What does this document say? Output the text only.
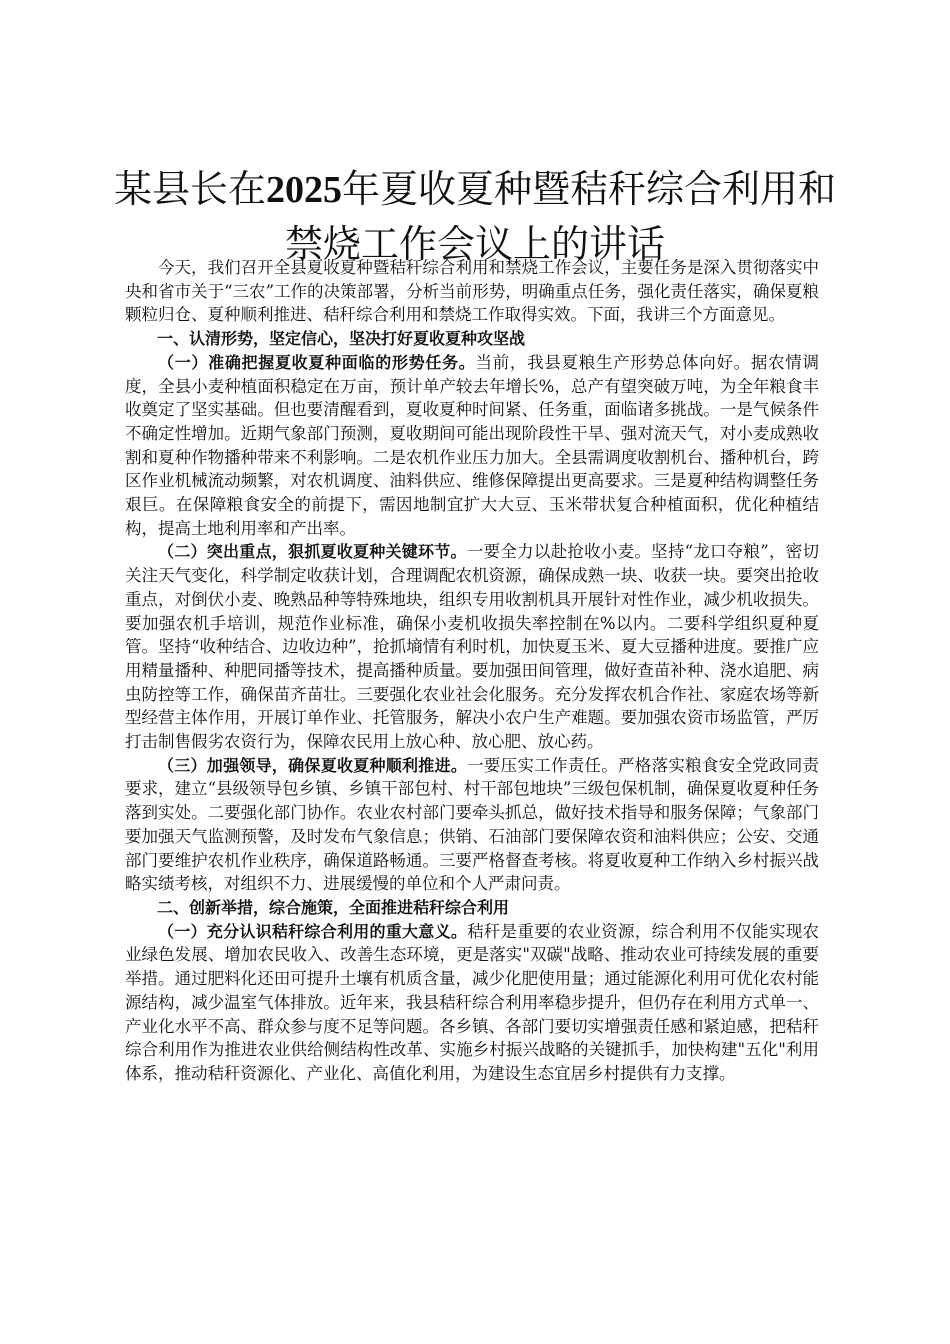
某县长在2025年夏收夏种暨秸秆综合利用和禁烧工作会议上的讲话

今天，我们召开全县夏收夏种暨秸秆综合利用和禁烧工作会议，主要任务是深入贯彻落实中央和省市关于“三农”工作的决策部署，分析当前形势，明确重点任务，强化责任落实，确保夏粮颗粒归仓、夏种顺利推进、秸秆综合利用和禁烧工作取得实效。下面，我讲三个方面意见。

一、认清形势，坚定信心，坚决打好夏收夏种攻坚战

（一）准确把握夏收夏种面临的形势任务。当前，我县夏粮生产形势总体向好。据农情调度，全县小麦种植面积稳定在万亩，预计单产较去年增长%，总产有望突破万吨，为全年粮食丰收奠定了坚实基础。但也要清醒看到，夏收夏种时间紧、任务重，面临诸多挑战。一是气候条件不确定性增加。近期气象部门预测，夏收期间可能出现阶段性干旱、强对流天气，对小麦成熟收割和夏种作物播种带来不利影响。二是农机作业压力加大。全县需调度收割机台、播种机台，跨区作业机械流动频繁，对农机调度、油料供应、维修保障提出更高要求。三是夏种结构调整任务艰巨。在保障粮食安全的前提下，需因地制宜扩大大豆、玉米带状复合种植面积，优化种植结构，提高土地利用率和产出率。

（二）突出重点，狠抓夏收夏种关键环节。一要全力以赴抢收小麦。坚持“龙口夺粮”，密切关注天气变化，科学制定收获计划，合理调配农机资源，确保成熟一块、收获一块。要突出抢收重点，对倒伏小麦、晚熟品种等特殊地块，组织专用收割机具开展针对性作业，减少机收损失。要加强农机手培训，规范作业标准，确保小麦机收损失率控制在%以内。二要科学组织夏种夏管。坚持“收种结合、边收边种”，抢抓墒情有利时机，加快夏玉米、夏大豆播种进度。要推广应用精量播种、种肥同播等技术，提高播种质量。要加强田间管理，做好查苗补种、浇水追肥、病虫防控等工作，确保苗齐苗壮。三要强化农业社会化服务。充分发挥农机合作社、家庭农场等新型经营主体作用，开展订单作业、托管服务，解决小农户生产难题。要加强农资市场监管，严厉打击制售假劣农资行为，保障农民用上放心种、放心肥、放心药。

（三）加强领导，确保夏收夏种顺利推进。一要压实工作责任。严格落实粮食安全党政同责要求，建立“县级领导包乡镇、乡镇干部包村、村干部包地块”三级包保机制，确保夏收夏种任务落到实处。二要强化部门协作。农业农村部门要牵头抓总，做好技术指导和服务保障；气象部门要加强天气监测预警，及时发布气象信息；供销、石油部门要保障农资和油料供应；公安、交通部门要维护农机作业秩序，确保道路畅通。三要严格督查考核。将夏收夏种工作纳入乡村振兴战略实绩考核，对组织不力、进展缓慢的单位和个人严肃问责。

二、创新举措，综合施策，全面推进秸秆综合利用

（一）充分认识秸秆综合利用的重大意义。秸秆是重要的农业资源，综合利用不仅能实现农业绿色发展、增加农民收入、改善生态环境，更是落实"双碳"战略、推动农业可持续发展的重要举措。通过肥料化还田可提升土壤有机质含量，减少化肥使用量；通过能源化利用可优化农村能源结构，减少温室气体排放。近年来，我县秸秆综合利用率稳步提升，但仍存在利用方式单一、产业化水平不高、群众参与度不足等问题。各乡镇、各部门要切实增强责任感和紧迫感，把秸秆综合利用作为推进农业供给侧结构性改革、实施乡村振兴战略的关键抓手，加快构建"五化"利用体系，推动秸秆资源化、产业化、高值化利用，为建设生态宜居乡村提供有力支撑。
